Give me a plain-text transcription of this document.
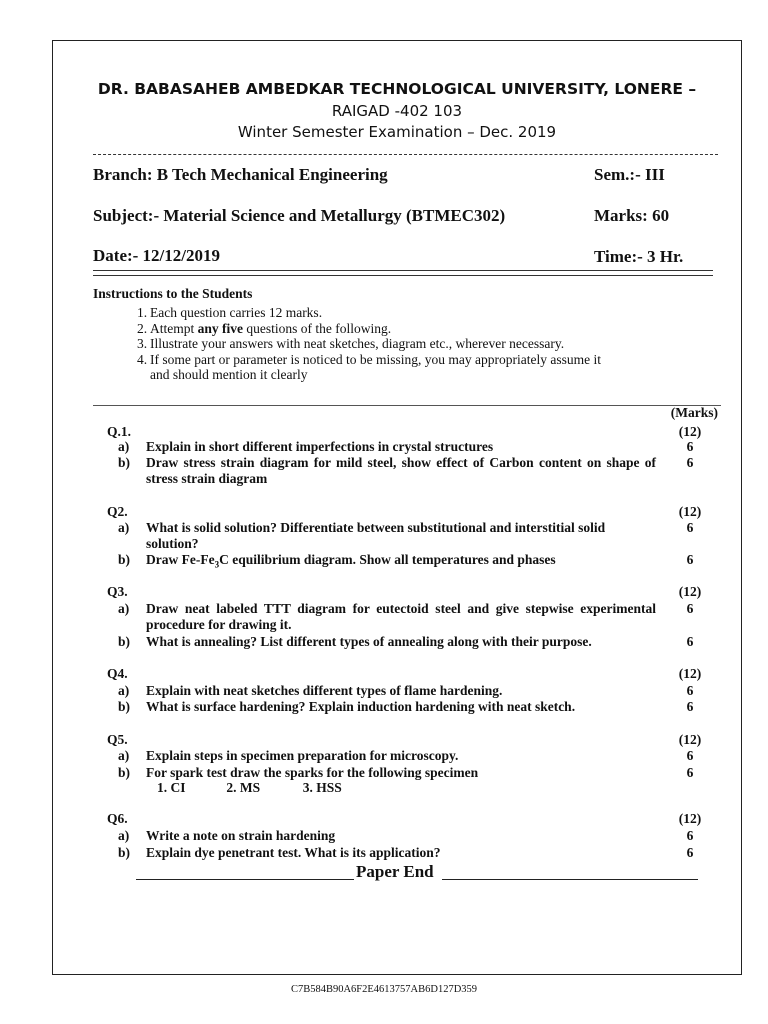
DR. BABASAHEB AMBEDKAR TECHNOLOGICAL UNIVERSITY, LONERE –
RAIGAD -402 103
Winter Semester Examination – Dec. 2019
Branch: B Tech Mechanical Engineering	Sem.:- III
Subject:- Material Science and Metallurgy (BTMEC302)	Marks: 60
Date:- 12/12/2019	Time:- 3 Hr.
Instructions to the Students
1. Each question carries 12 marks.
2. Attempt any five questions of the following.
3. Illustrate your answers with neat sketches, diagram etc., wherever necessary.
4. If some part or parameter is noticed to be missing, you may appropriately assume it and should mention it clearly
(Marks)
Q.1.	(12)
a) Explain in short different imperfections in crystal structures	6
b) Draw stress strain diagram for mild steel, show effect of Carbon content on shape of stress strain diagram
6
Q2.	(12)
a) What is solid solution? Differentiate between substitutional and interstitial solid solution?
6
b) Draw $Fe-Fe_3C$ equilibrium diagram. Show all temperatures and phases	6
Q3.	(12)
a) Draw neat labeled TTT diagram for eutectoid steel and give stepwise experimental procedure for drawing it.
6
b) What is annealing? List different types of annealing along with their purpose.	6
Q4.	(12)
a) Explain with neat sketches different types of flame hardening.	6
b) What is surface hardening? Explain induction hardening with neat sketch.	6
Q5.	(12)
a) Explain steps in specimen preparation for microscopy.	6
b) For spark test draw the sparks for the following specimen	6
1. CI	2. MS	3. HSS
Q6.	(12)
a) Write a note on strain hardening	6
b) Explain dye penetrant test. What is its application?	6
Paper End
C7B584B90A6F2E4613757AB6D127D359
